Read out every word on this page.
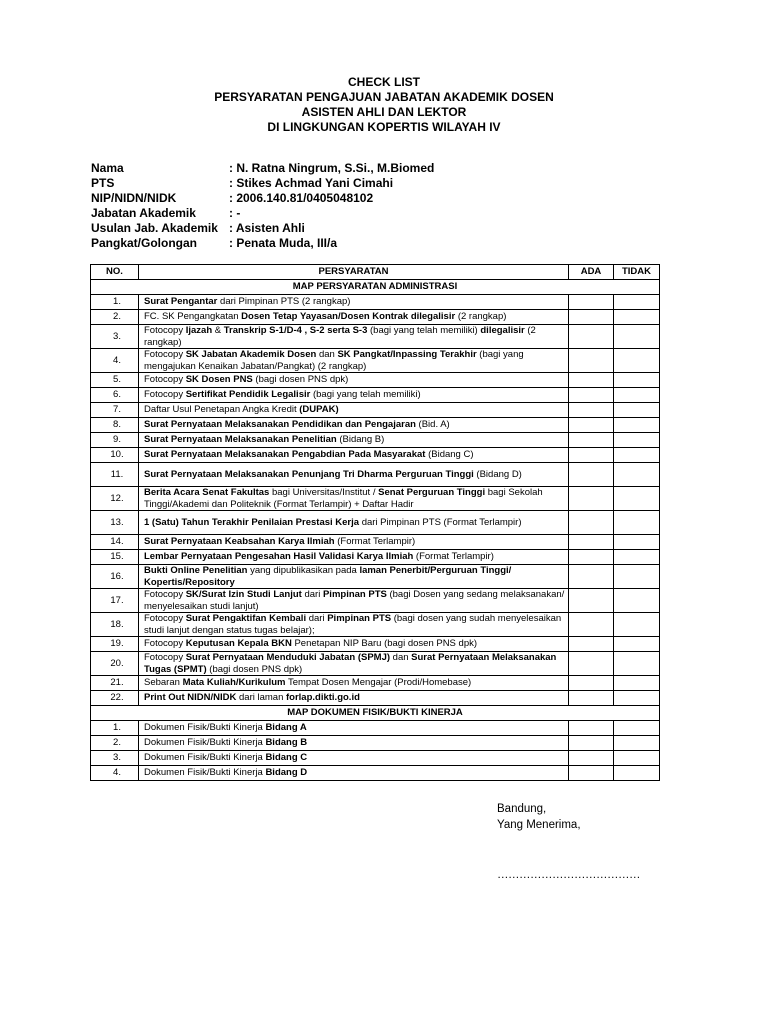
CHECK LIST
PERSYARATAN PENGAJUAN JABATAN AKADEMIK DOSEN
ASISTEN AHLI DAN LEKTOR
DI LINGKUNGAN KOPERTIS WILAYAH IV
Nama	: N. Ratna Ningrum, S.Si., M.Biomed
PTS	: Stikes Achmad Yani Cimahi
NIP/NIDN/NIDK	: 2006.140.81/0405048102
Jabatan Akademik	: -
Usulan Jab. Akademik : Asisten Ahli
Pangkat/Golongan	: Penata Muda, III/a
NO.	PERSYARATAN	ADA	TIDAK
MAP PERSYARATAN ADMINISTRASI			
1.	Surat Pengantar dari Pimpinan PTS (2 rangkap)		
2.	FC. SK Pengangkatan Dosen Tetap Yayasan/Dosen Kontrak dilegalisir (2 rangkap)		
3.	Fotocopy Ijazah & Transkrip S-1/D-4 , S-2 serta S-3 (bagi yang telah memiliki) dilegalisir (2 rangkap)		
4.	Fotocopy SK Jabatan Akademik Dosen dan SK Pangkat/Inpassing Terakhir (bagi yang mengajukan Kenaikan Jabatan/Pangkat) (2 rangkap)		
5.	Fotocopy SK Dosen PNS (bagi dosen PNS dpk)		
6.	Fotocopy Sertifikat Pendidik Legalisir (bagi yang telah memiliki)		
7.	Daftar Usul Penetapan Angka Kredit (DUPAK)		
8.	Surat Pernyataan Melaksanakan Pendidikan dan Pengajaran (Bid. A)		
9.	Surat Pernyataan Melaksanakan Penelitian (Bidang B)		
10.	Surat Pernyataan Melaksanakan Pengabdian Pada Masyarakat (Bidang C)		
11.	Surat Pernyataan Melaksanakan Penunjang Tri Dharma Perguruan Tinggi (Bidang D)		
12.	Berita Acara Senat Fakultas bagi Universitas/Institut / Senat Perguruan Tinggi bagi Sekolah Tinggi/Akademi dan Politeknik (Format Terlampir) + Daftar Hadir		
13.	1 (Satu) Tahun Terakhir Penilaian Prestasi Kerja dari Pimpinan PTS (Format Terlampir)		
14.	Surat Pernyataan Keabsahan Karya Ilmiah (Format Terlampir)		
15.	Lembar Pernyataan Pengesahan Hasil Validasi Karya Ilmiah (Format Terlampir)		
16.	Bukti Online Penelitian yang dipublikasikan pada laman Penerbit/Perguruan Tinggi/ Kopertis/Repository		
17.	Fotocopy SK/Surat Izin Studi Lanjut dari Pimpinan PTS (bagi Dosen yang sedang melaksanakan/ menyelesaikan studi lanjut)		
18.	Fotocopy Surat Pengaktifan Kembali dari Pimpinan PTS (bagi dosen yang sudah menyelesaikan studi lanjut dengan status tugas belajar);		
19.	Fotocopy Keputusan Kepala BKN Penetapan NIP Baru (bagi dosen PNS dpk)		
20.	Fotocopy Surat Pernyataan Menduduki Jabatan (SPMJ) dan Surat Pernyataan Melaksanakan Tugas (SPMT) (bagi dosen PNS dpk)		
21.	Sebaran Mata Kuliah/Kurikulum Tempat Dosen Mengajar (Prodi/Homebase)		
22.	Print Out NIDN/NIDK dari laman forlap.dikti.go.id		
MAP DOKUMEN FISIK/BUKTI KINERJA			
1.	Dokumen Fisik/Bukti Kinerja Bidang A		
2.	Dokumen Fisik/Bukti Kinerja Bidang B		
3.	Dokumen Fisik/Bukti Kinerja Bidang C		
4.	Dokumen Fisik/Bukti Kinerja Bidang D		
Bandung,
Yang Menerima,
…………………………………
